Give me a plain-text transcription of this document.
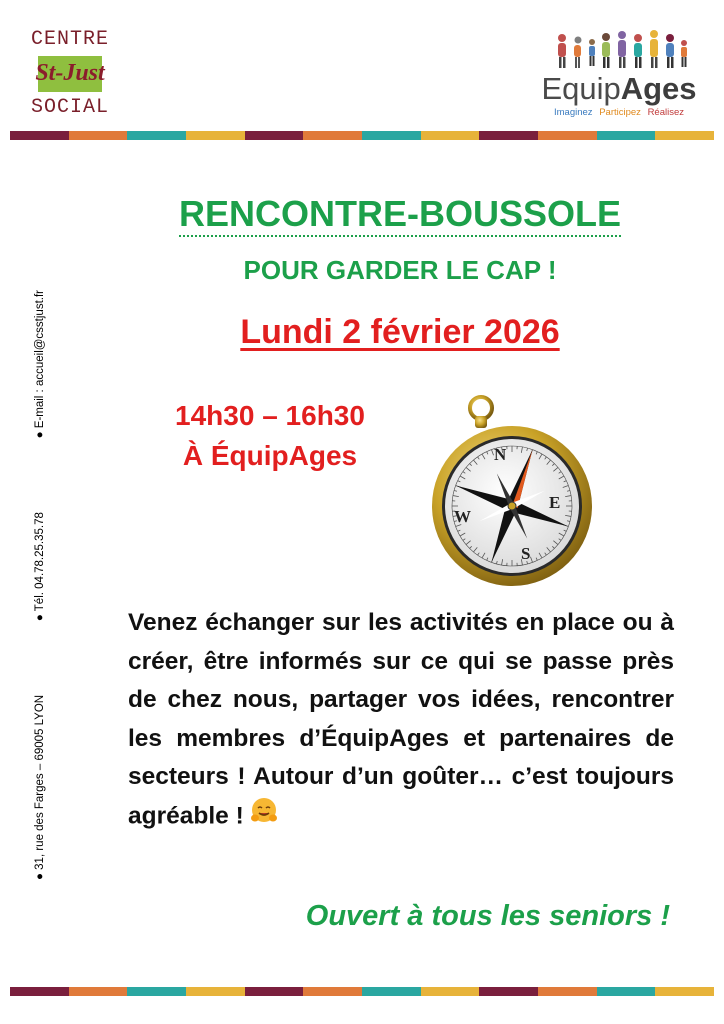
CENTRE
St-Just
SOCIAL
EquipAges
Imaginez Participez Réalisez
● 31, rue des Farges – 69005 LYON
● Tél. 04.78.25.35.78
● E-mail : accueil@csstjust.fr
RENCONTRE-BOUSSOLE
POUR GARDER LE CAP !
Lundi 2 février 2026
14h30 – 16h30
À ÉquipAges	N
E
S
W
Venez échanger sur les activités en place ou à créer, être informés sur ce qui se passe près de chez nous, partager vos idées, rencontrer les membres d’ÉquipAges et partenaires de secteurs ! Autour d’un goûter… c’est toujours agréable !
Ouvert à tous les seniors !
